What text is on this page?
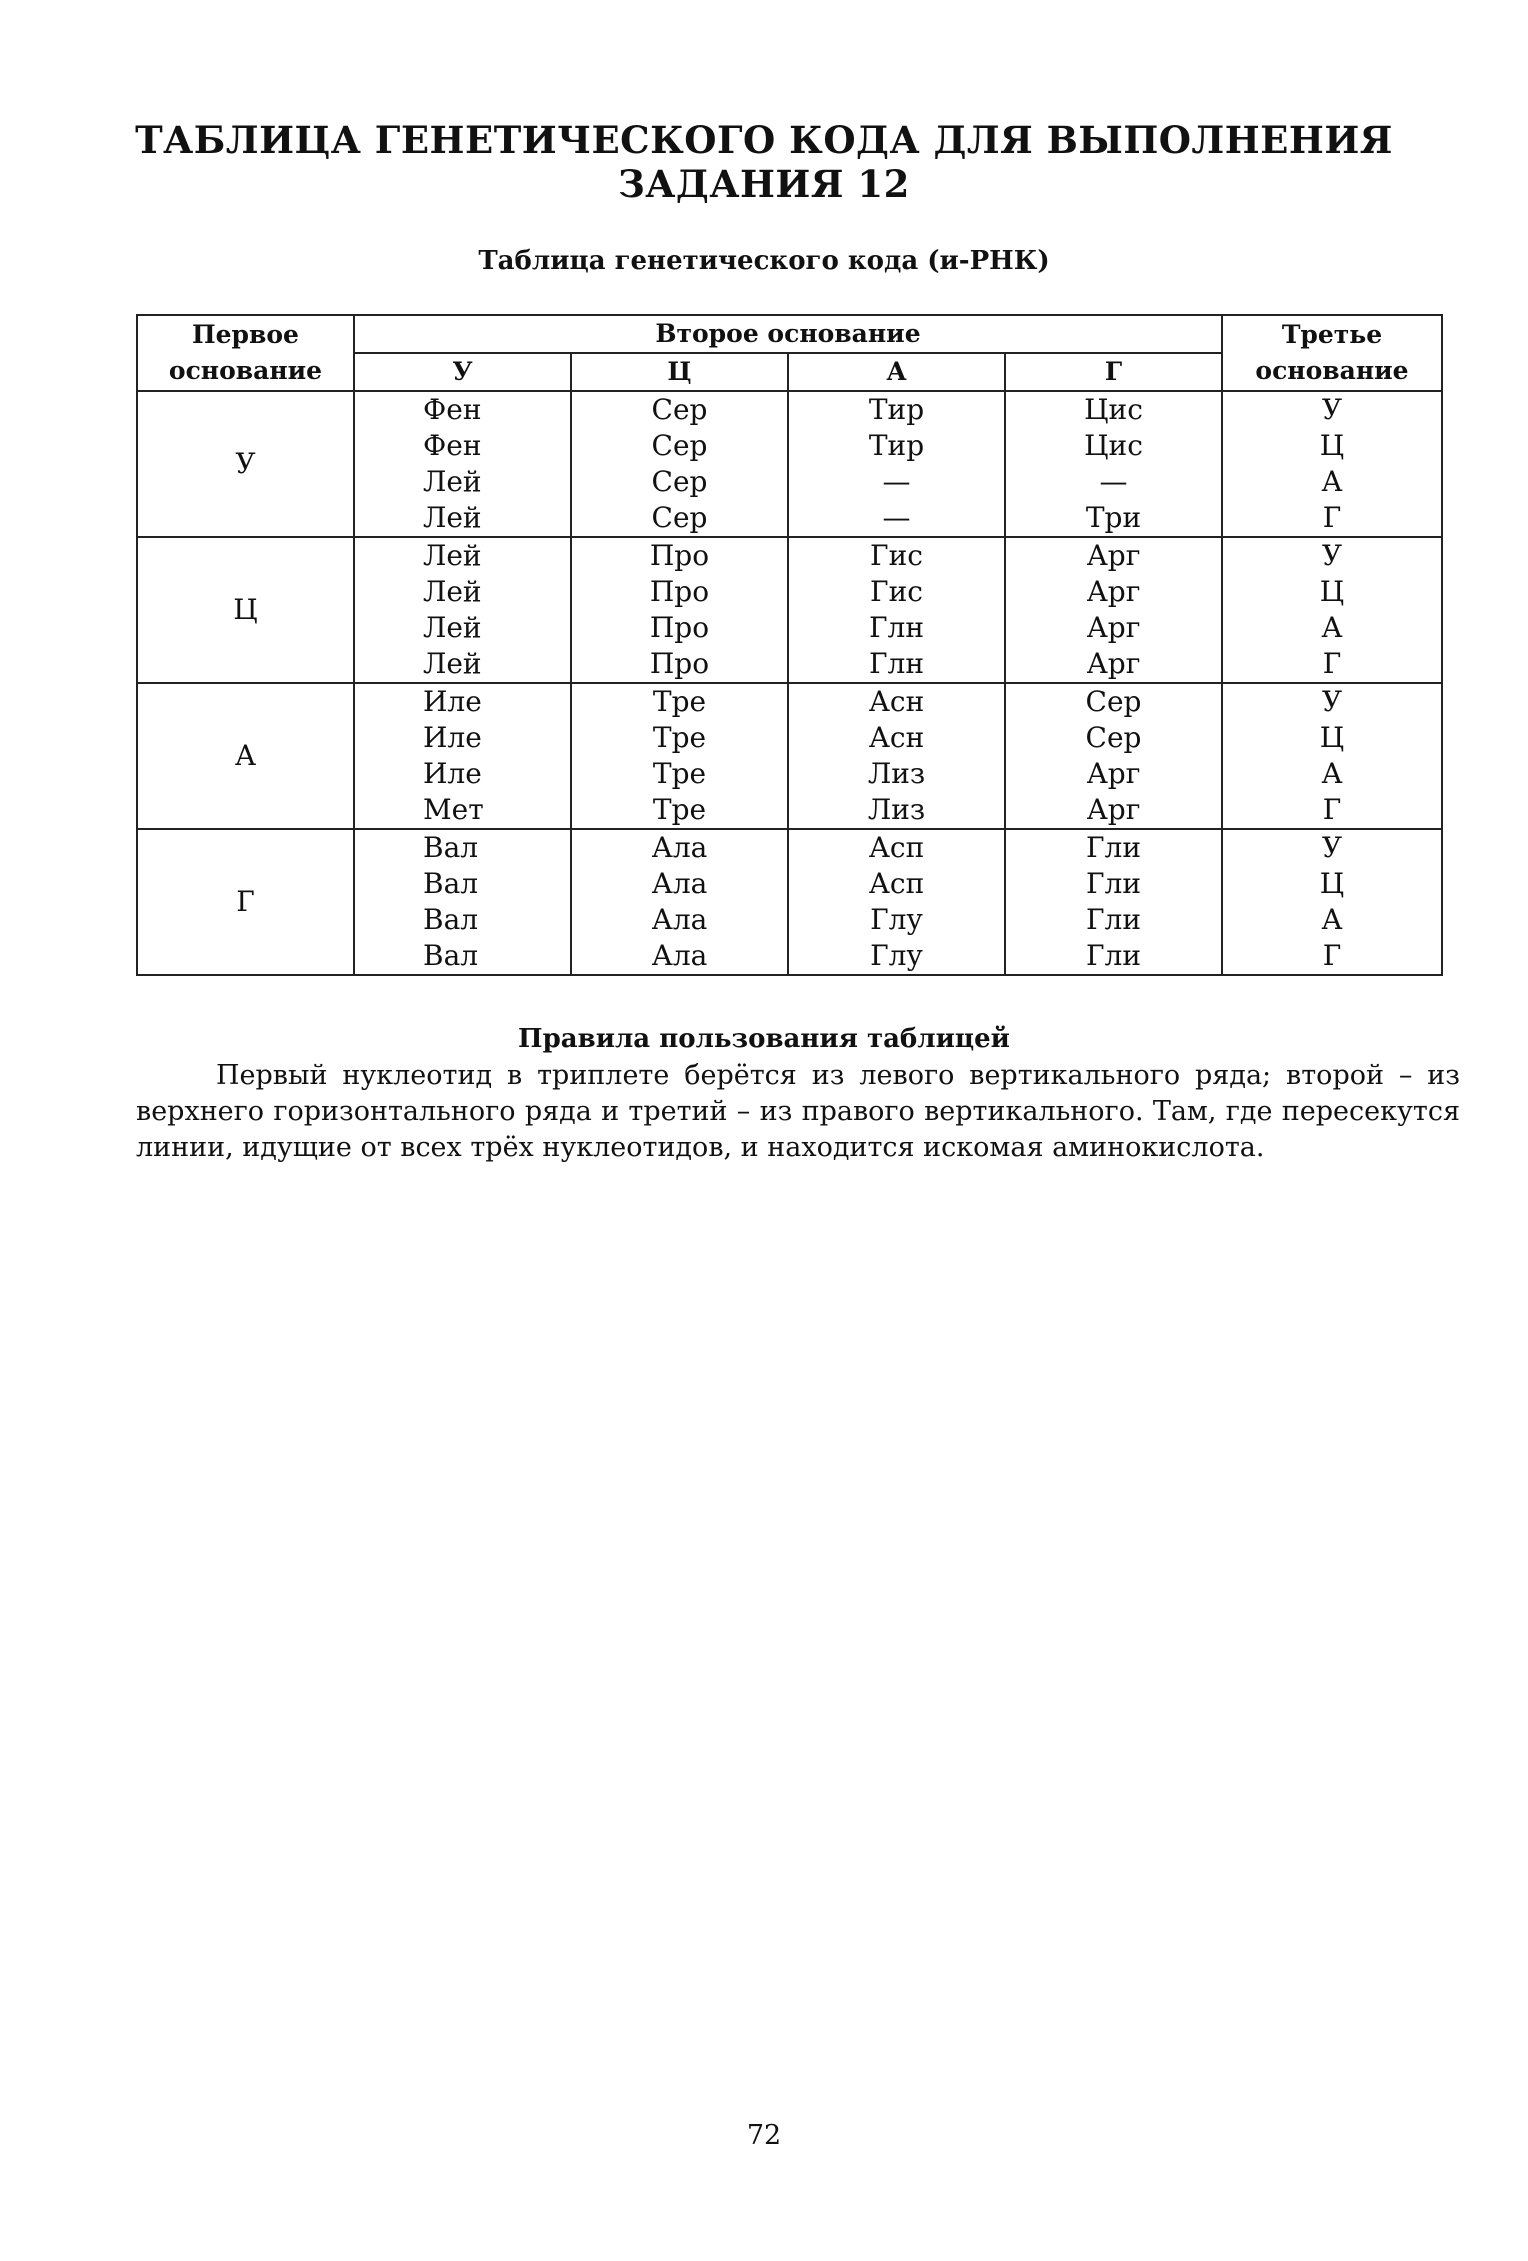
ТАБЛИЦА ГЕНЕТИЧЕСКОГО КОДА ДЛЯ ВЫПОЛНЕНИЯ
ЗАДАНИЯ 12
Таблица генетического кода (и-РНК)
Первое основание	Второе основание				Третье основание
	У	Ц	А	Г	
У	Фен	Сер	Тир	Цис	У
	Фен	Сер	Тир	Цис	Ц
	Лей	Сер	—	—	А
	Лей	Сер	—	Три	Г
Ц	Лей	Про	Гис	Арг	У
	Лей	Про	Гис	Арг	Ц
	Лей	Про	Глн	Арг	А
	Лей	Про	Глн	Арг	Г
А	Иле	Тре	Асн	Сер	У
	Иле	Тре	Асн	Сер	Ц
	Иле	Тре	Лиз	Арг	А
	Мет	Тре	Лиз	Арг	Г
Г	Вал	Ала	Асп	Гли	У
	Вал	Ала	Асп	Гли	Ц
	Вал	Ала	Глу	Гли	А
	Вал	Ала	Глу	Гли	Г
Правила пользования таблицей
Первый нуклеотид в триплете берётся из левого вертикального ряда; второй – из верхнего горизонтального ряда и третий – из правого вертикального. Там, где пересекутся линии, идущие от всех трёх нуклеотидов, и находится искомая аминокислота.
72
